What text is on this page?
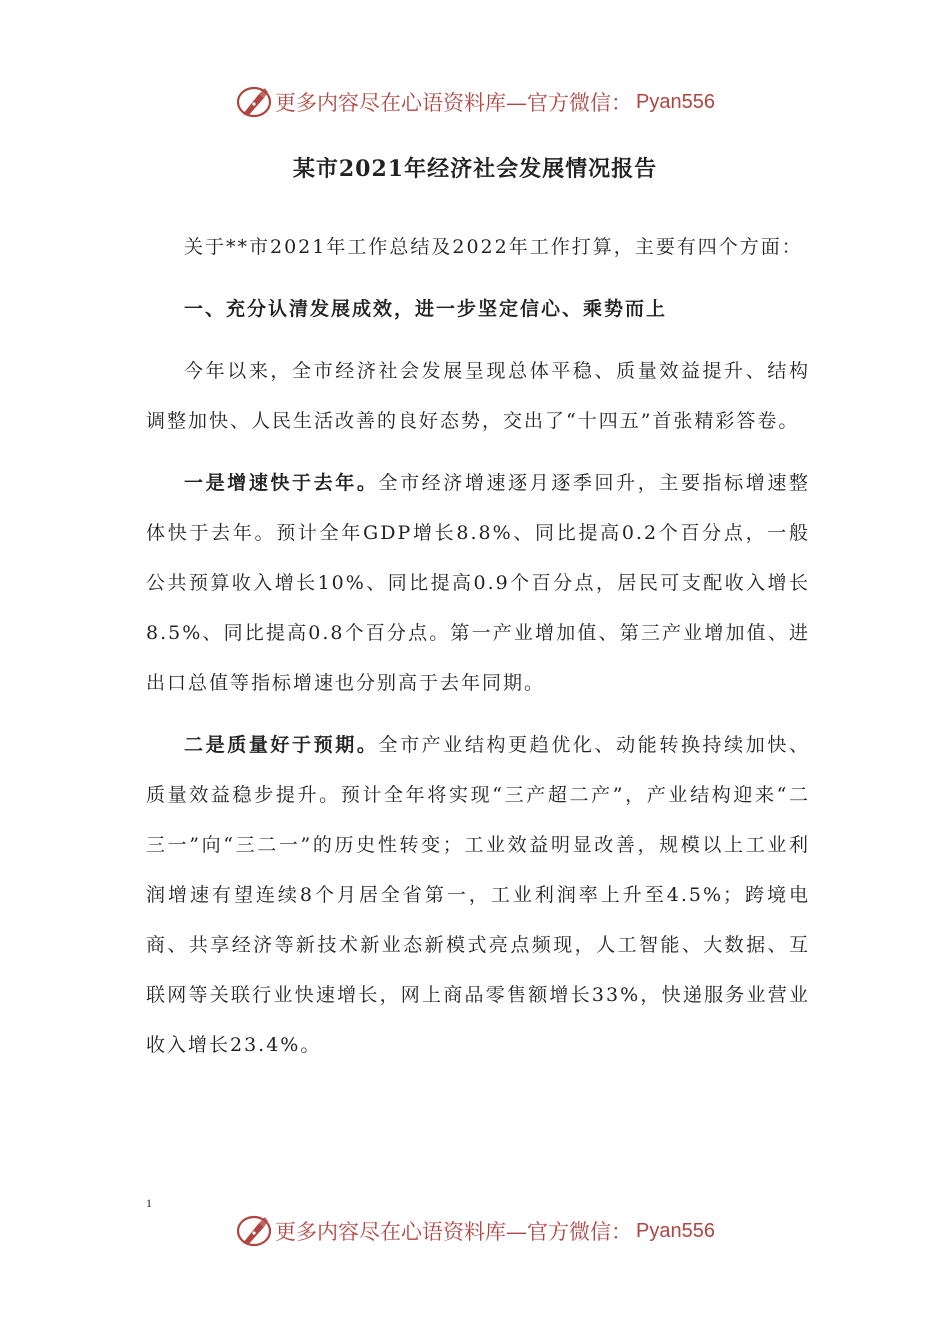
更多内容尽在心语资料库—官方微信： Pyan556
某市2021年经济社会发展情况报告

关于**市2021年工作总结及2022年工作打算，主要有四个方面：

一、充分认清发展成效，进一步坚定信心、乘势而上

今年以来，全市经济社会发展呈现总体平稳、质量效益提升、结构调整加快、人民生活改善的良好态势，交出了“十四五”首张精彩答卷。

一是增速快于去年。全市经济增速逐月逐季回升，主要指标增速整体快于去年。预计全年GDP增长8.8%、同比提高0.2个百分点，一般公共预算收入增长10%、同比提高0.9个百分点，居民可支配收入增长8.5%、同比提高0.8个百分点。第一产业增加值、第三产业增加值、进出口总值等指标增速也分别高于去年同期。

二是质量好于预期。全市产业结构更趋优化、动能转换持续加快、质量效益稳步提升。预计全年将实现“三产超二产”，产业结构迎来“二三一”向“三二一”的历史性转变；工业效益明显改善，规模以上工业利润增速有望连续8个月居全省第一，工业利润率上升至4.5%；跨境电商、共享经济等新技术新业态新模式亮点频现，人工智能、大数据、互联网等关联行业快速增长，网上商品零售额增长33%，快递服务业营业收入增长23.4%。

1
更多内容尽在心语资料库—官方微信： Pyan556
